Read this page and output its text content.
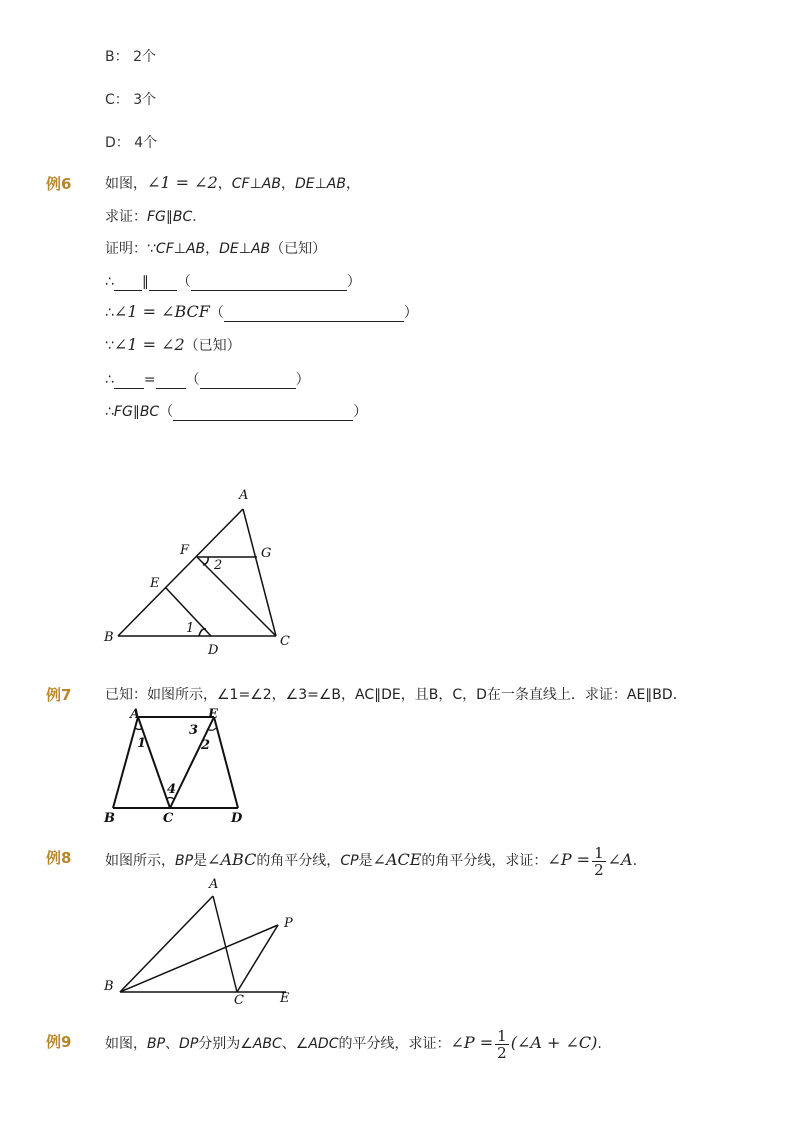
B： 2个
C： 3个
D： 4个
例6 如图，∠1 = ∠2，CF⊥AB，DE⊥AB，
求证：FG∥BC.
证明：∵CF⊥AB，DE⊥AB（已知）
∴ ∥ （	）
∴∠1 = ∠BCF（	）
∵∠1 = ∠2（已知）
∴ = （	）
∴FG∥BC（	）
A
B	C
D
E
F	G
1
2
例7 已知：如图所示，∠1=∠2，∠3=∠B，AC∥DE，且B，C，D在一条直线上．求证：AE∥BD．
A	E
B	C	D
1	2
3
4
例8 如图所示，BP是∠ABC的角平分线，CP是∠ACE的角平分线，求证：∠P = $\frac{1}{2}$ ∠A.
A
B
C	E
P
例9 如图，BP、DP分别为∠ABC、∠ADC的平分线，求证：∠P = $\frac{1}{2}$ (∠A + ∠C).
